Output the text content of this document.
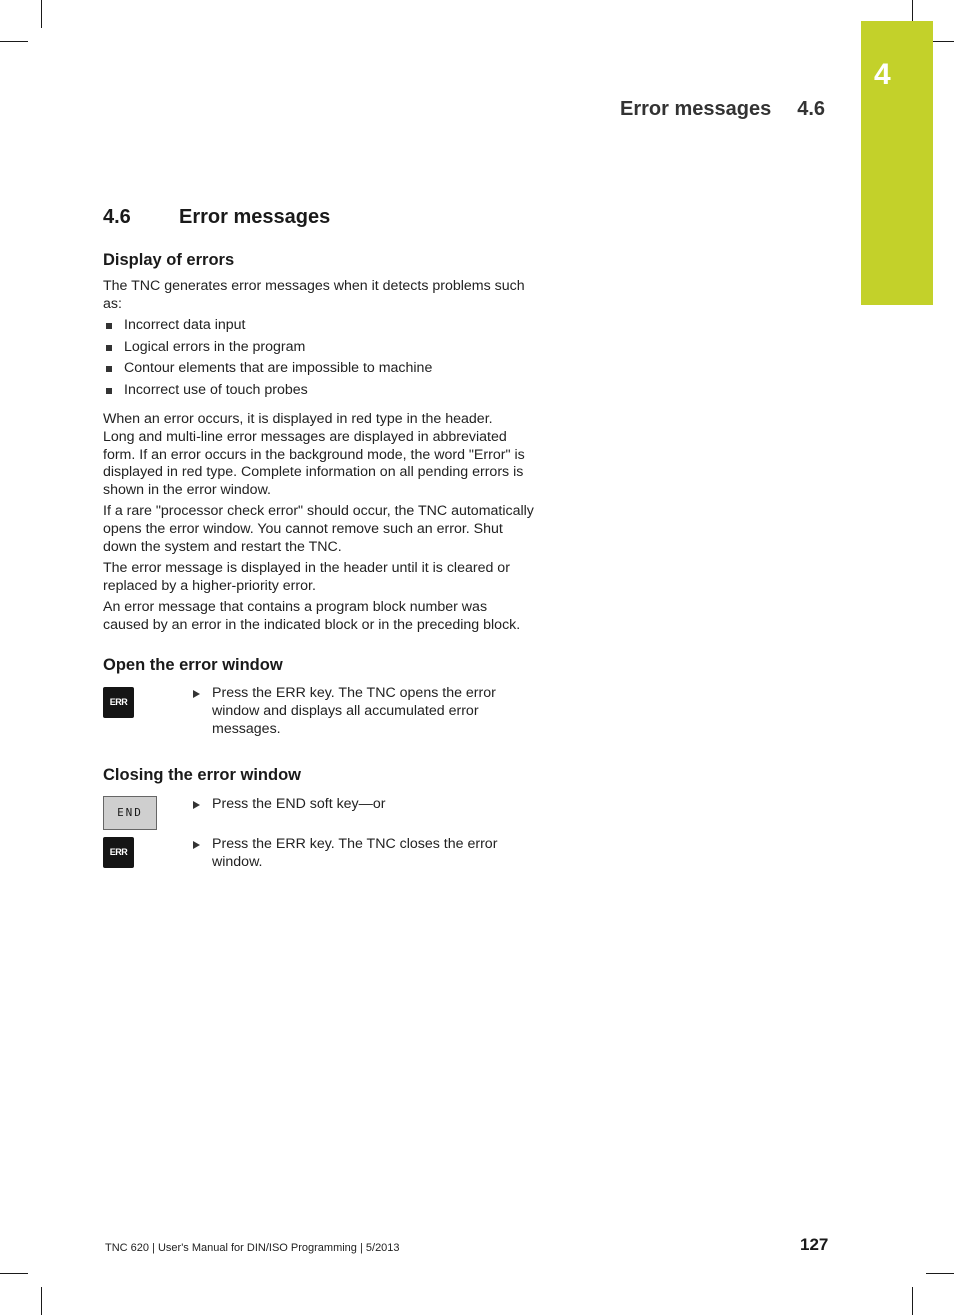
4
Error messages 4.6
4.6 Error messages
Display of errors
The TNC generates error messages when it detects problems such
as:
Incorrect data input
Logical errors in the program
Contour elements that are impossible to machine
Incorrect use of touch probes
When an error occurs, it is displayed in red type in the header.
Long and multi-line error messages are displayed in abbreviated
form. If an error occurs in the background mode, the word "Error" is
displayed in red type. Complete information on all pending errors is
shown in the error window.
If a rare "processor check error" should occur, the TNC automatically
opens the error window. You cannot remove such an error. Shut
down the system and restart the TNC.
The error message is displayed in the header until it is cleared or
replaced by a higher-priority error.
An error message that contains a program block number was
caused by an error in the indicated block or in the preceding block.
Open the error window
ERR
Press the ERR key. The TNC opens the error
window and displays all accumulated error
messages.
Closing the error window
END
Press the END soft key—or
ERR	Press the ERR key. The TNC closes the error
window.
TNC 620 | User's Manual for DIN/ISO Programming | 5/2013	127
